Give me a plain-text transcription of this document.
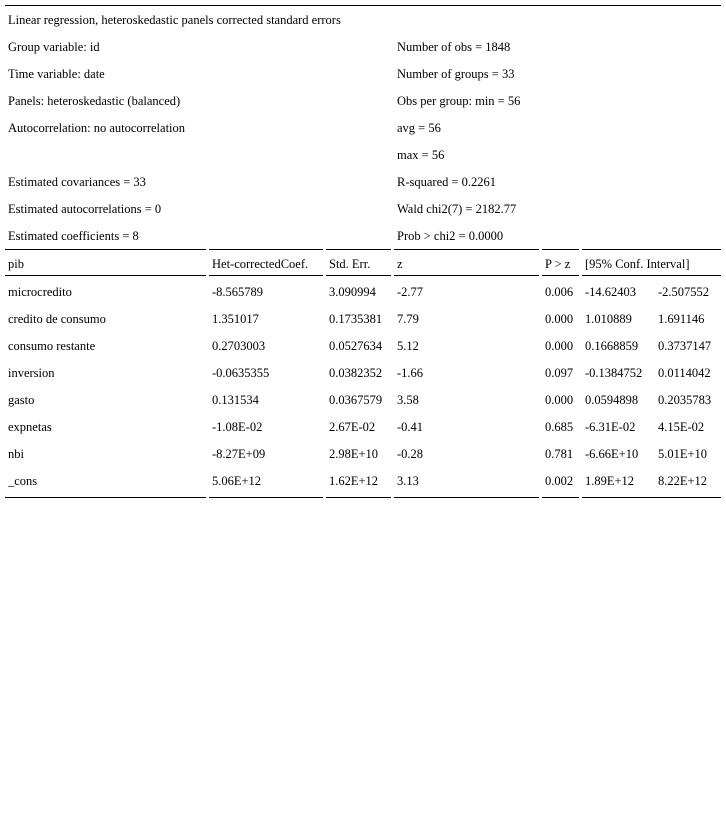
Linear regression, heteroskedastic panels corrected standard errors
Group variable: id	Number of obs = 1848
Time variable: date	Number of groups = 33
Panels: heteroskedastic (balanced)	Obs per group: min = 56
Autocorrelation: no autocorrelation	avg = 56
max = 56
Estimated covariances = 33	R-squared = 0.2261
Estimated autocorrelations = 0	Wald chi2(7) = 2182.77
Estimated coefficients = 8	Prob > chi2 = 0.0000
pib	Het-correctedCoef. Std. Err. z	P > z [95% Conf. Interval]
microcredito	-8.565789	3.090994 -2.77	0.006 -14.62403 -2.507552
credito de consumo	1.351017	0.1735381 7.79	0.000 1.010889 1.691146
consumo restante	0.2703003	0.0527634 5.12	0.000 0.1668859 0.3737147
inversion	-0.0635355	0.0382352 -1.66	0.097 -0.1384752 0.0114042
gasto	0.131534	0.0367579 3.58	0.000 0.0594898 0.2035783
expnetas	-1.08E-02	2.67E-02 -0.41	0.685 -6.31E-02 4.15E-02
nbi	-8.27E+09	2.98E+10 -0.28	0.781 -6.66E+10 5.01E+10
_cons	5.06E+12	1.62E+12 3.13	0.002 1.89E+12 8.22E+12
